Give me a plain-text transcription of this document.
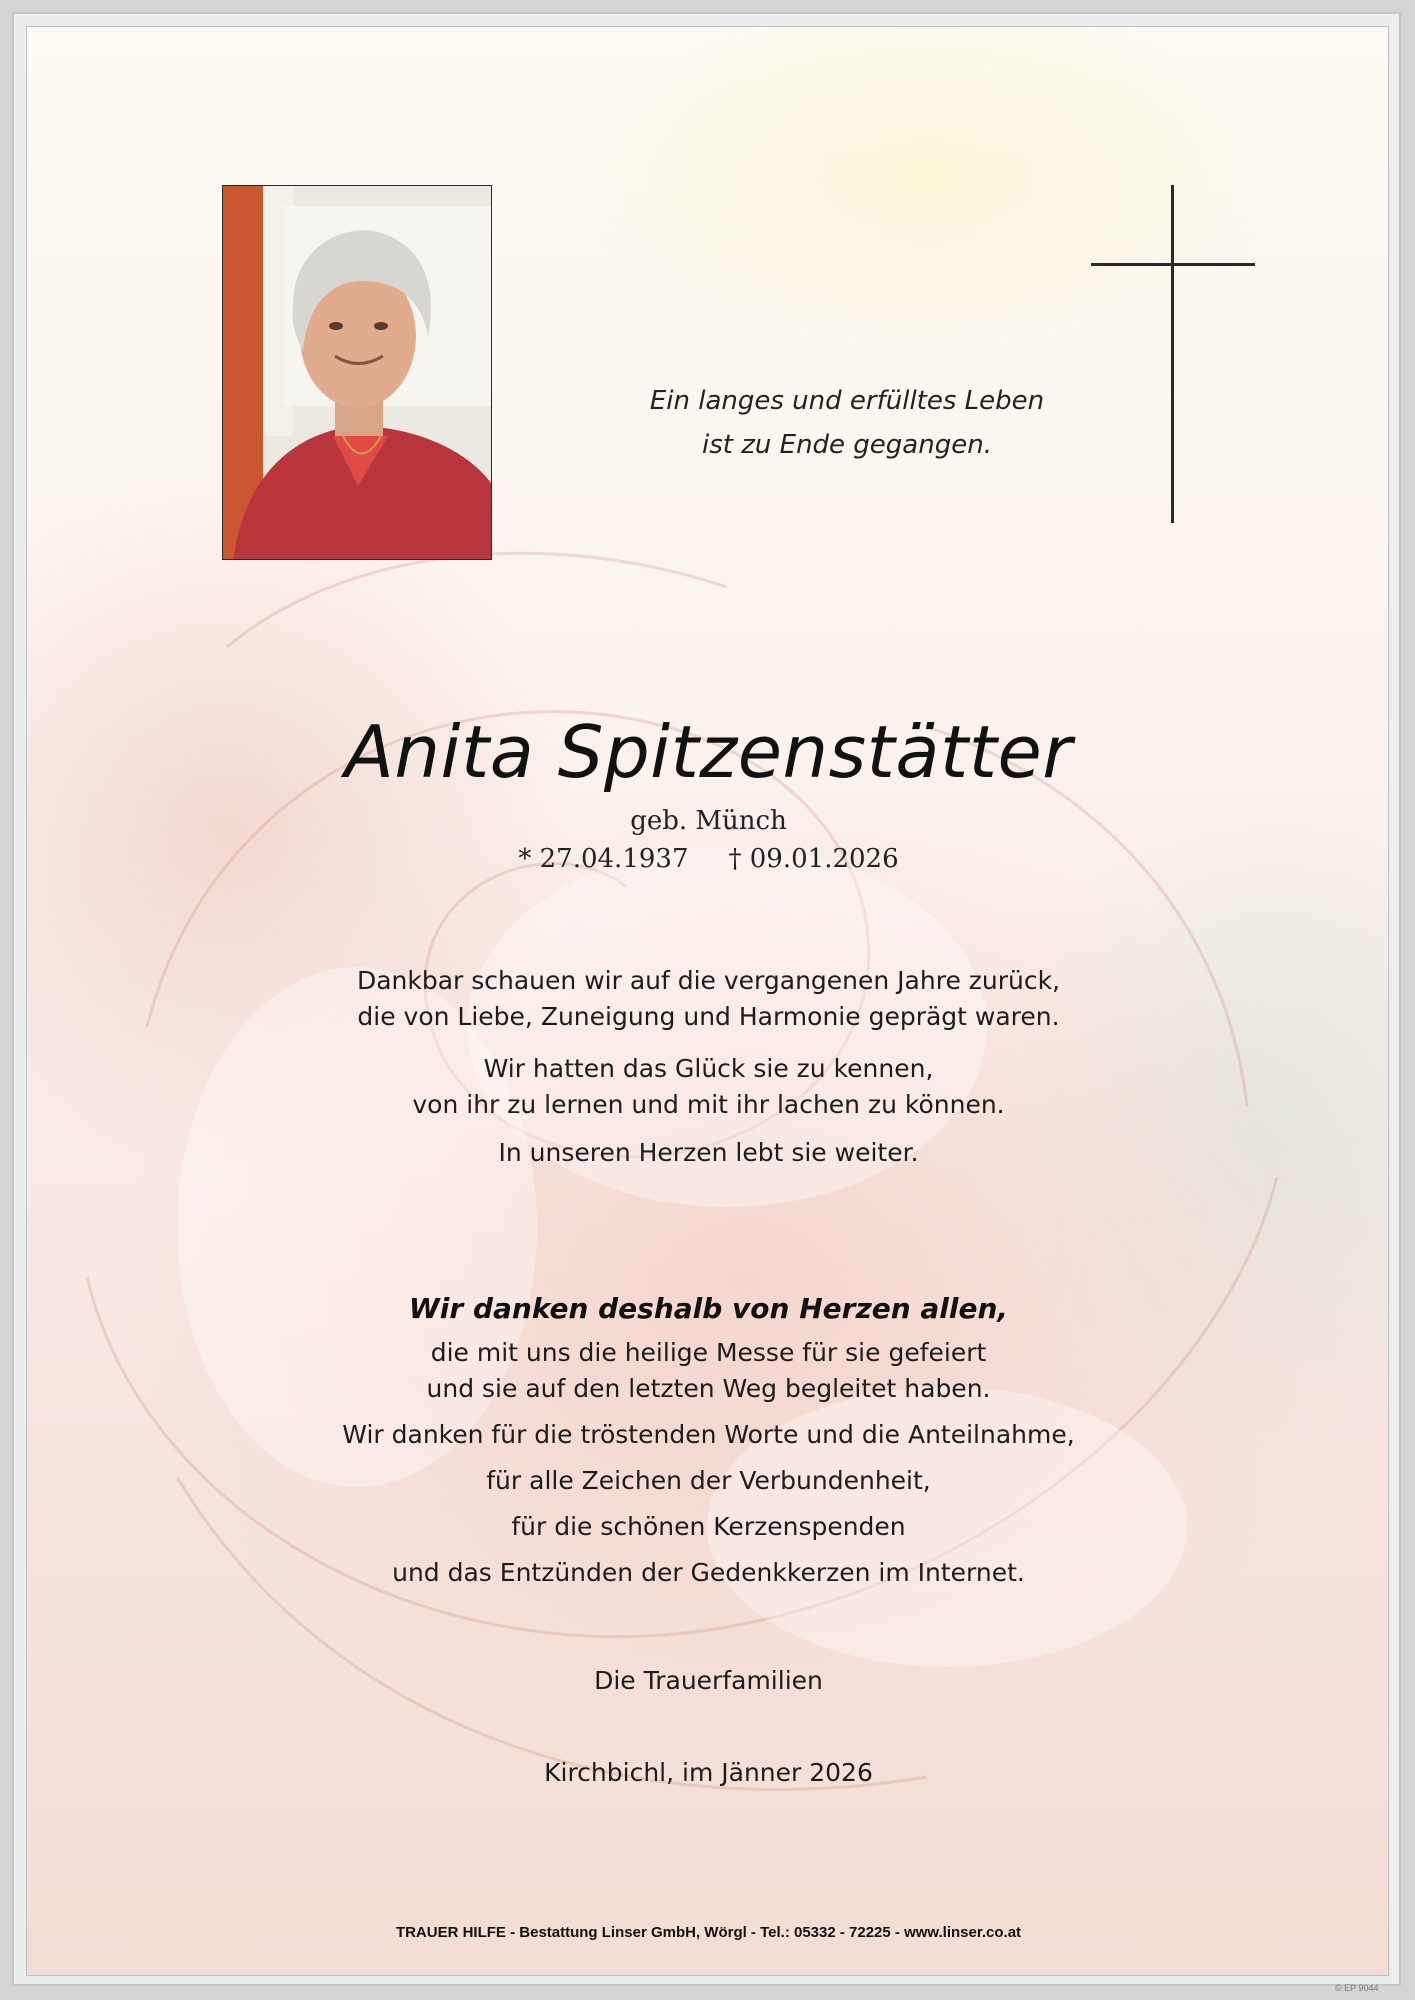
Ein langes und erfülltes Leben
ist zu Ende gegangen.
Anita Spitzenstätter
geb. Münch
* 27.04.1937 † 09.01.2026
Dankbar schauen wir auf die vergangenen Jahre zurück,
die von Liebe, Zuneigung und Harmonie geprägt waren.
Wir hatten das Glück sie zu kennen,
von ihr zu lernen und mit ihr lachen zu können.
In unseren Herzen lebt sie weiter.
Wir danken deshalb von Herzen allen,
die mit uns die heilige Messe für sie gefeiert
und sie auf den letzten Weg begleitet haben.
Wir danken für die tröstenden Worte und die Anteilnahme,
für alle Zeichen der Verbundenheit,
für die schönen Kerzenspenden
und das Entzünden der Gedenkkerzen im Internet.
Die Trauerfamilien
Kirchbichl, im Jänner 2026
TRAUER HILFE - Bestattung Linser GmbH, Wörgl - Tel.: 05332 - 72225 - www.linser.co.at
© EP 9044
